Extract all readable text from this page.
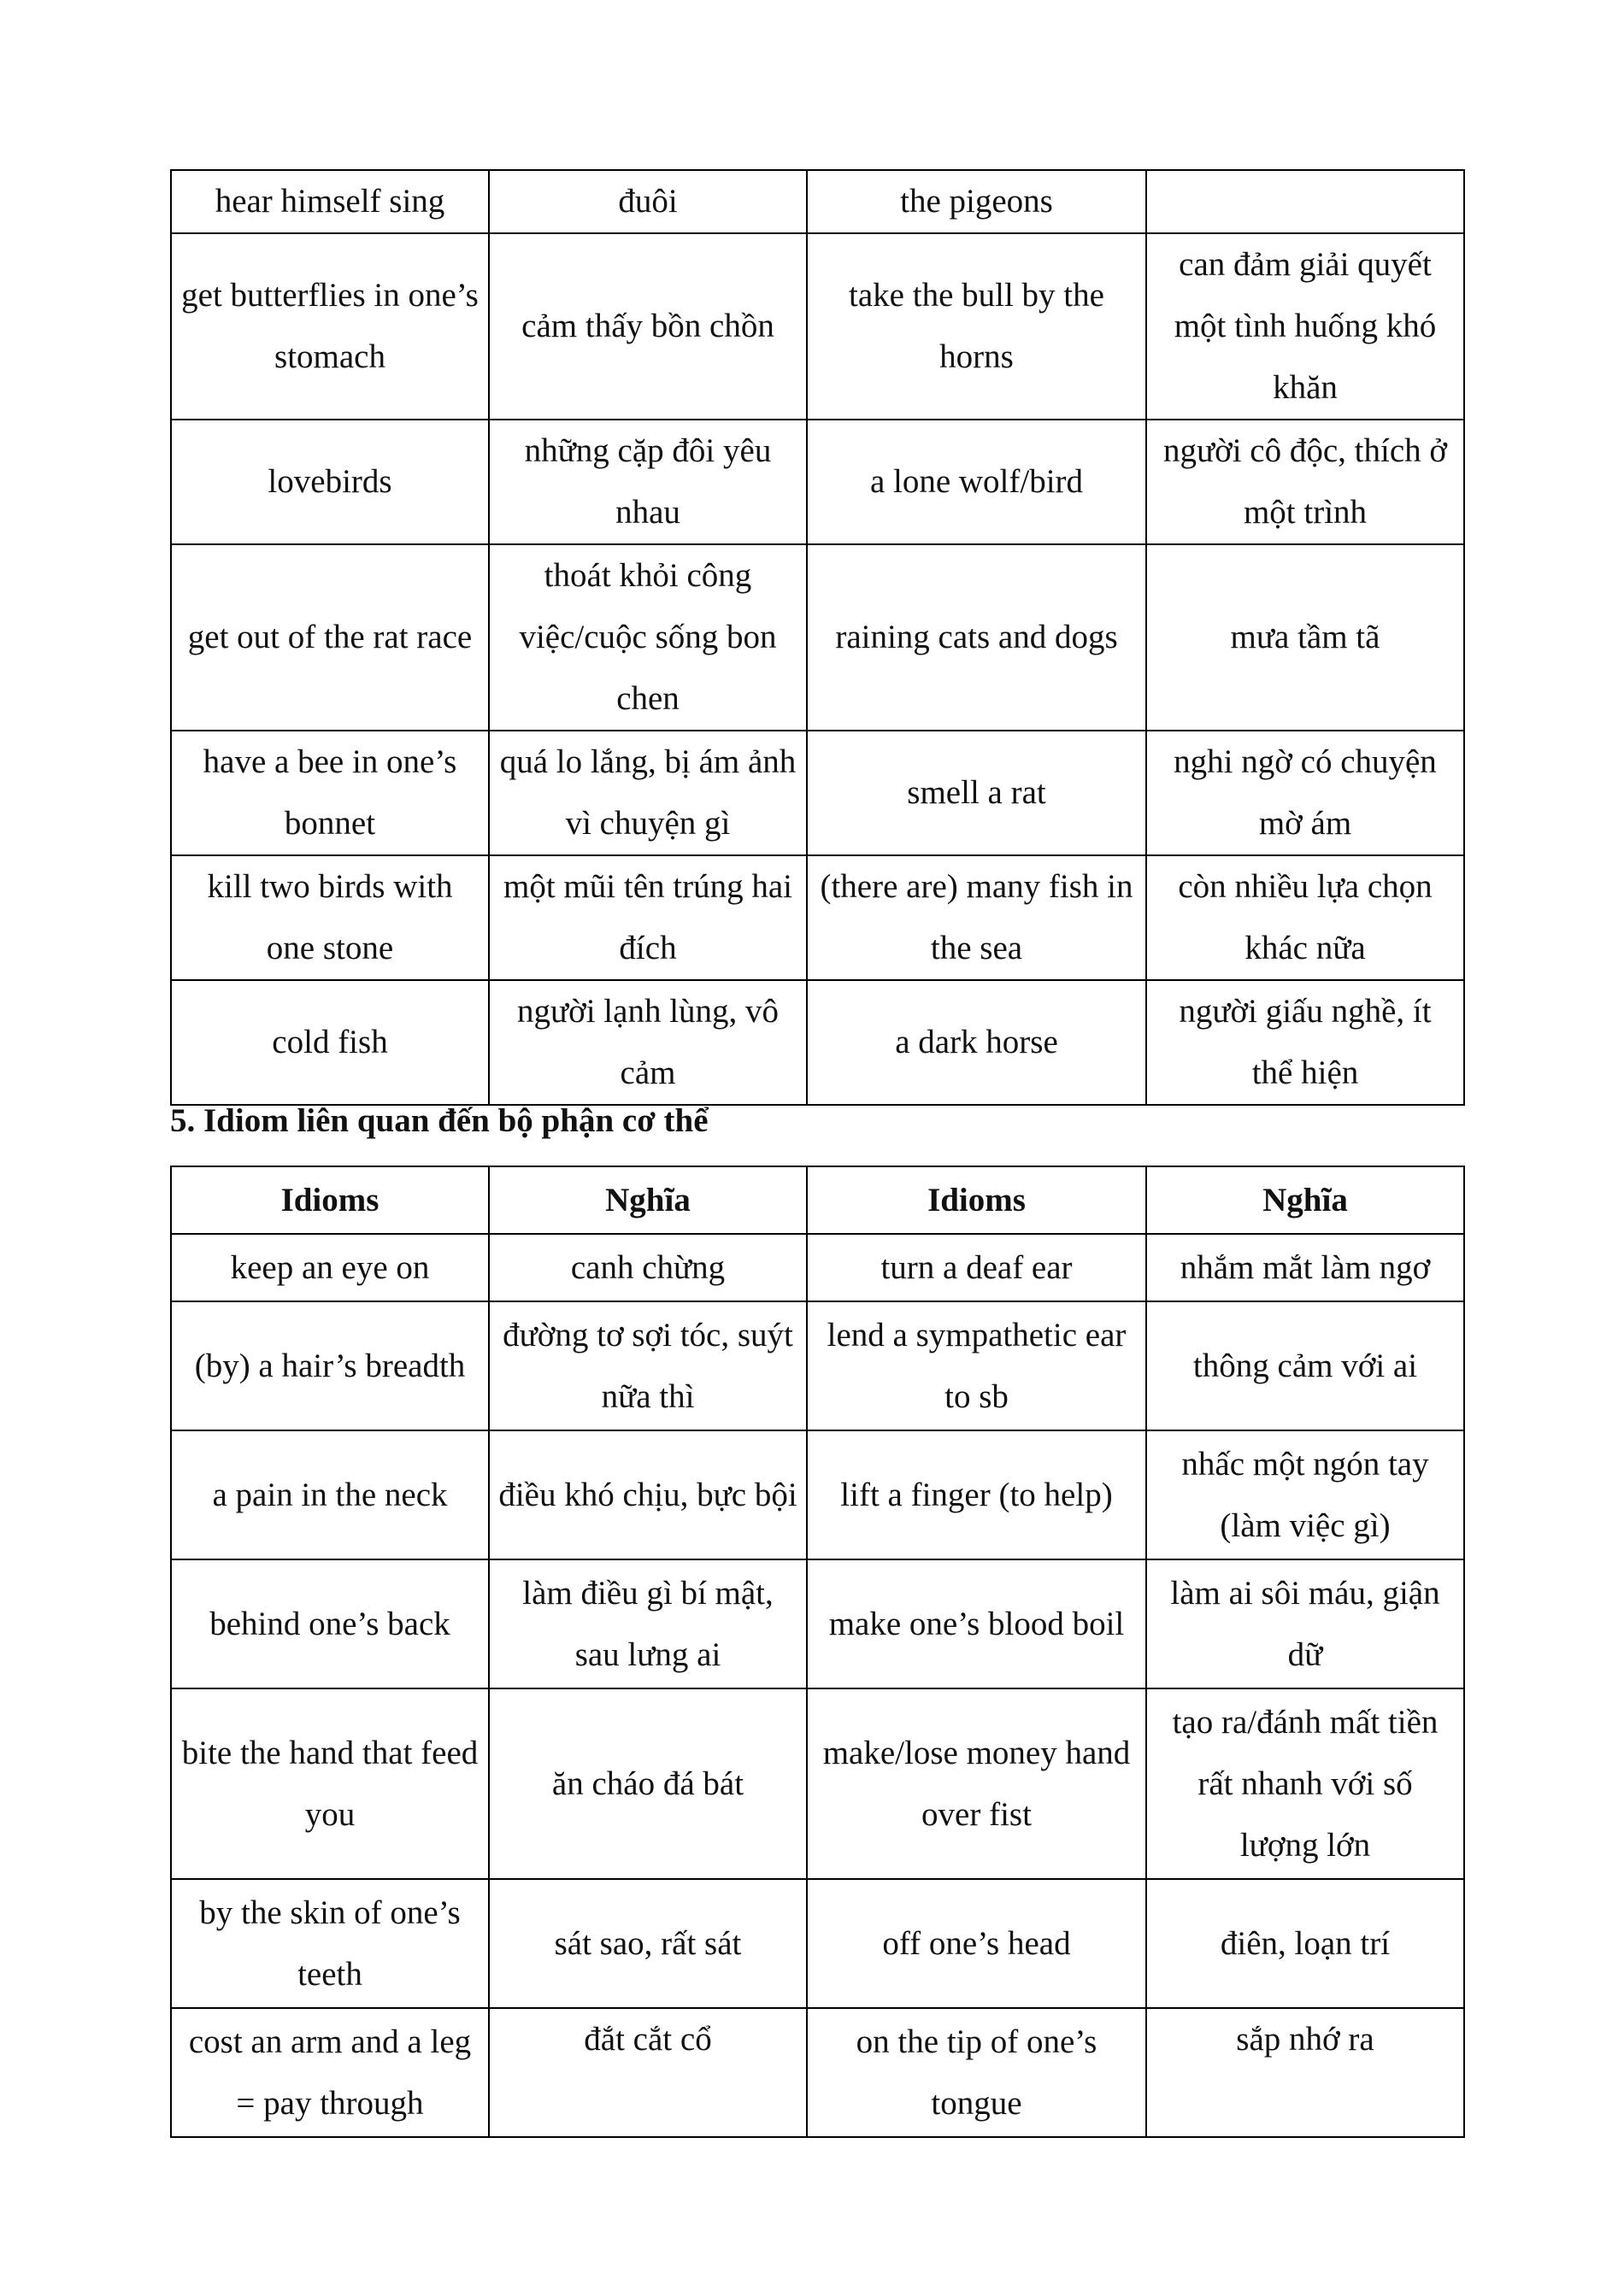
hear himself sing	đuôi	the pigeons	
get butterflies in one’s stomach	cảm thấy bồn chồn	take the bull by the horns	can đảm giải quyết một tình huống khó khăn
lovebirds	những cặp đôi yêu nhau	a lone wolf/bird	người cô độc, thích ở một trình
get out of the rat race	thoát khỏi công việc/cuộc sống bon chen	raining cats and dogs	mưa tầm tã
have a bee in one’s bonnet	quá lo lắng, bị ám ảnh vì chuyện gì	smell a rat	nghi ngờ có chuyện mờ ám
kill two birds with one stone	một mũi tên trúng hai đích	(there are) many fish in the sea	còn nhiều lựa chọn khác nữa
cold fish	người lạnh lùng, vô cảm	a dark horse	người giấu nghề, ít thể hiện
5. Idiom liên quan đến bộ phận cơ thể
Idioms	Nghĩa	Idioms	Nghĩa
keep an eye on	canh chừng	turn a deaf ear	nhắm mắt làm ngơ
(by) a hair’s breadth	đường tơ sợi tóc, suýt nữa thì	lend a sympathetic ear to sb	thông cảm với ai
a pain in the neck	điều khó chịu, bực bội	lift a finger (to help)	nhấc một ngón tay (làm việc gì)
behind one’s back	làm điều gì bí mật, sau lưng ai	make one’s blood boil	làm ai sôi máu, giận dữ
bite the hand that feed you	ăn cháo đá bát	make/lose money hand over fist	tạo ra/đánh mất tiền rất nhanh với số lượng lớn
by the skin of one’s teeth	sát sao, rất sát	off one’s head	điên, loạn trí
cost an arm and a leg = pay through	đắt cắt cổ	on the tip of one’s tongue	sắp nhớ ra
